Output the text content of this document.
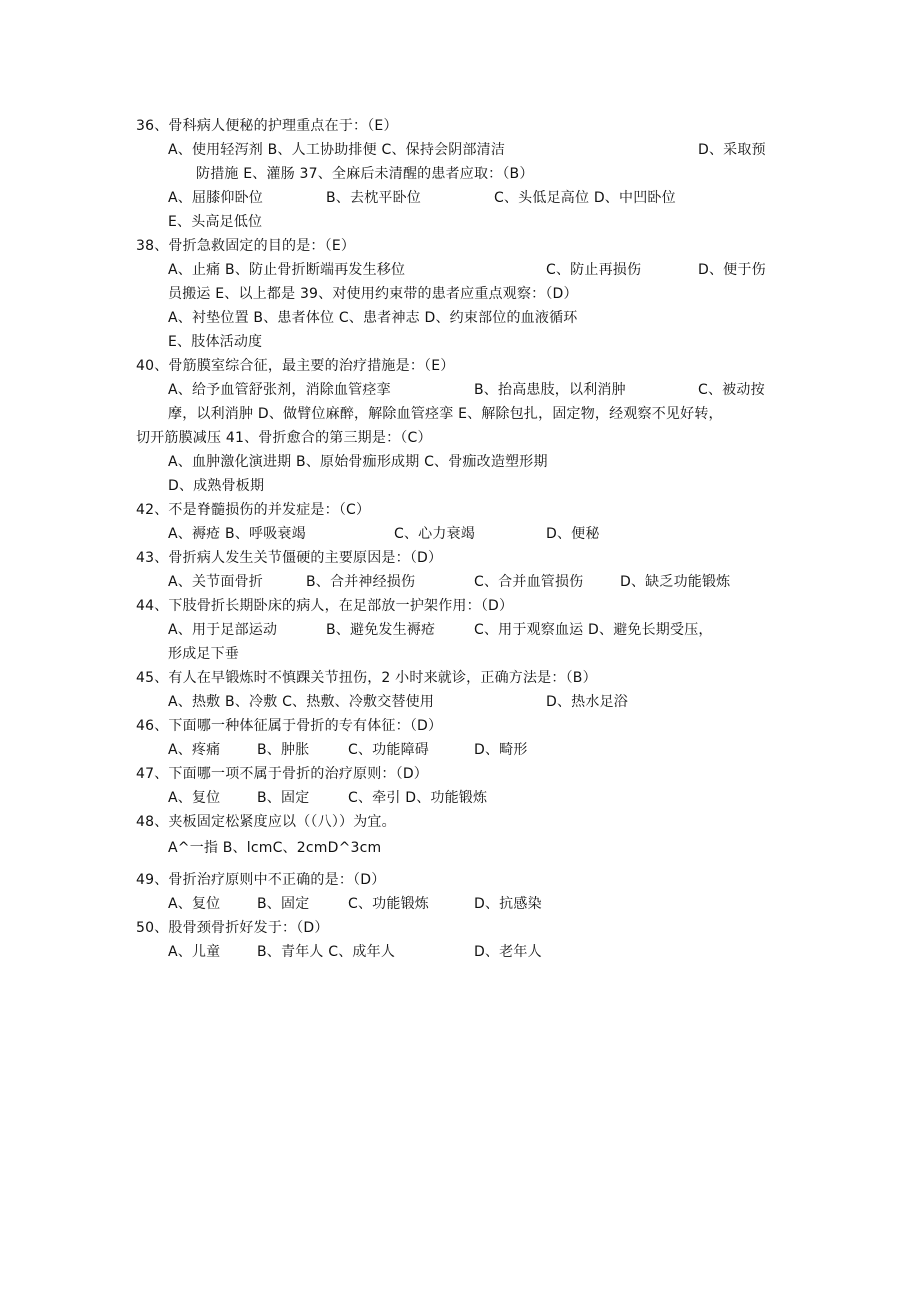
36、骨科病人便秘的护理重点在于：（E）
A、使用轻泻剂 B、人工协助排便 C、保持会阴部清洁	D、采取预
防措施 E、灌肠 37、全麻后未清醒的患者应取：（B）
A、屈膝仰卧位	B、去枕平卧位	C、头低足高位 D、中凹卧位
E、头高足低位
38、骨折急救固定的目的是：（E）
A、止痛 B、防止骨折断端再发生移位	C、防止再损伤	D、便于伤
员搬运 E、以上都是 39、对使用约束带的患者应重点观察：（D）
A、衬垫位置 B、患者体位 C、患者神志 D、约束部位的血液循环
E、肢体活动度
40、骨筋膜室综合征，最主要的治疗措施是：（E）
A、给予血管舒张剂，消除血管痉挛	B、抬高患肢，以利消肿	C、被动按
摩，以利消肿 D、做臂位麻醉，解除血管痉挛 E、解除包扎，固定物，经观察不见好转，
切开筋膜减压 41、骨折愈合的第三期是：（C）
A、血肿激化演进期 B、原始骨痂形成期 C、骨痂改造塑形期
D、成熟骨板期
42、不是脊髓损伤的并发症是：（C）
A、褥疮 B、呼吸衰竭	C、心力衰竭	D、便秘
43、骨折病人发生关节僵硬的主要原因是：（D）
A、关节面骨折	B、合并神经损伤	C、合并血管损伤	D、缺乏功能锻炼
44、下肢骨折长期卧床的病人，在足部放一护架作用：（D）
A、用于足部运动	B、避免发生褥疮	C、用于观察血运 D、避免长期受压，
形成足下垂
45、有人在早锻炼时不慎踝关节扭伤，2 小时来就诊，正确方法是：（B）
A、热敷 B、冷敷 C、热敷、冷敷交替使用	D、热水足浴
46、下面哪一种体征属于骨折的专有体征：（D）
A、疼痛	B、肿胀	C、功能障碍	D、畸形
47、下面哪一项不属于骨折的治疗原则：（D）
A、复位	B、固定	C、牵引 D、功能锻炼
48、夹板固定松紧度应以（（八））为宜。
A^一指 B、lcmC、2cmD^3cm
49、骨折治疗原则中不正确的是：（D）
A、复位	B、固定	C、功能锻炼	D、抗感染
50、股骨颈骨折好发于：（D）
A、儿童	B、青年人 C、成年人	D、老年人
